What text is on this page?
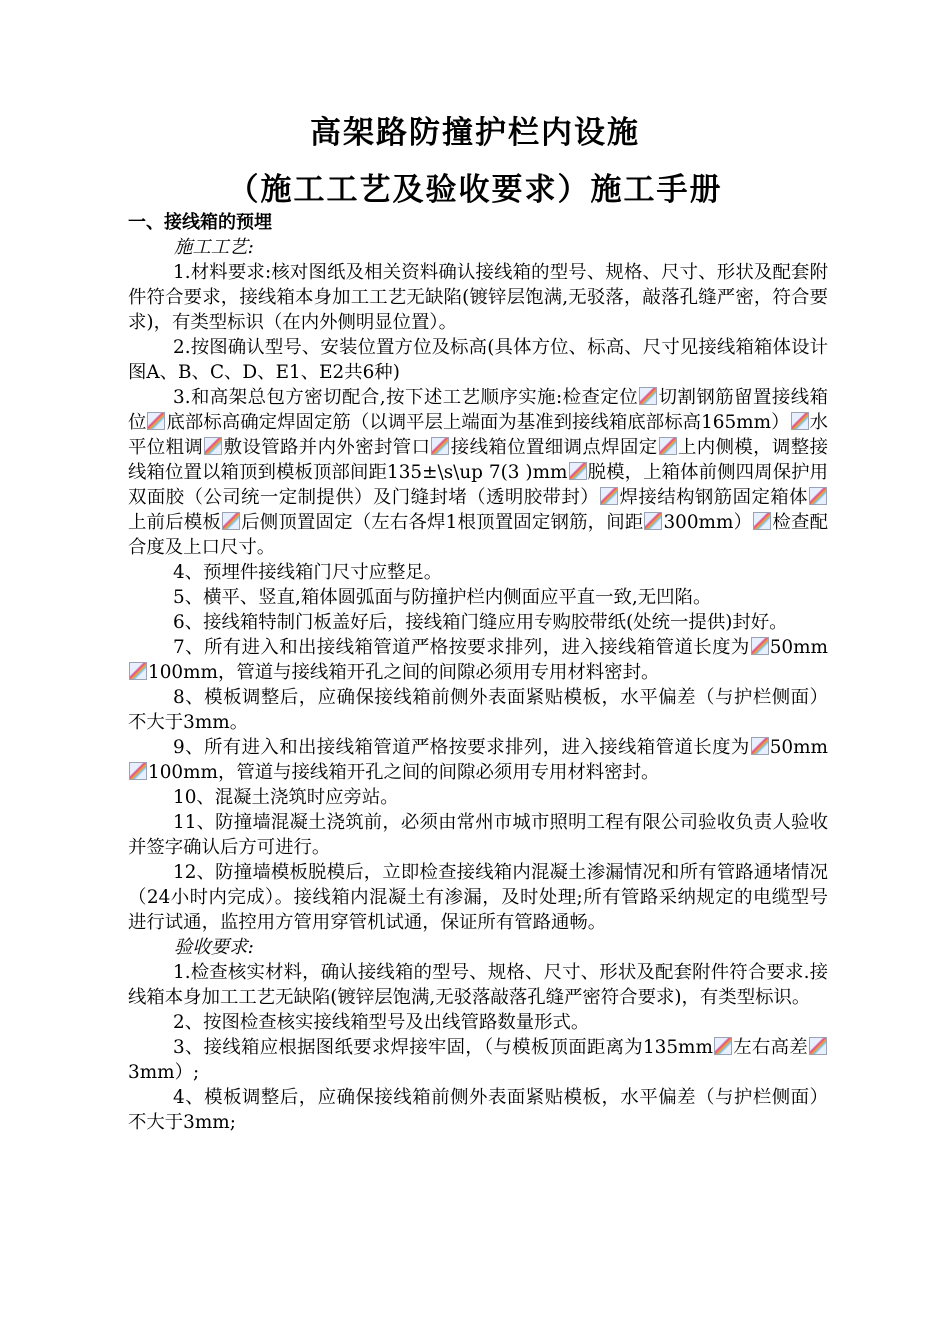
高架路防撞护栏内设施
（施工工艺及验收要求）施工手册
一、接线箱的预埋
施工工艺:
1.材料要求:核对图纸及相关资料确认接线箱的型号、规格、尺寸、形状及配套附件符合要求，接线箱本身加工工艺无缺陷(镀锌层饱满,无驳落，敲落孔缝严密，符合要求)，有类型标识（在内外侧明显位置）。
2.按图确认型号、安装位置方位及标高(具体方位、标高、尺寸见接线箱箱体设计图A、B、C、D、E1、E2共6种)
3.和高架总包方密切配合,按下述工艺顺序实施:检查定位 切割钢筋留置接线箱位 底部标高确定焊固定筋（以调平层上端面为基准到接线箱底部标高165mm） 水平位粗调 敷设管路并内外密封管口 接线箱位置细调点焊固定 上内侧模，调整接线箱位置以箱顶到模板顶部间距135±\s\up 7(3 )mm 脱模，上箱体前侧四周保护用双面胶（公司统一定制提供）及门缝封堵（透明胶带封） 焊接结构钢筋固定箱体上前后模板 后侧顶置固定（左右各焊1根顶置固定钢筋，间距 300mm） 检查配合度及上口尺寸。
4、预埋件接线箱门尺寸应整足。
5、横平、竖直,箱体圆弧面与防撞护栏内侧面应平直一致,无凹陷。
6、接线箱特制门板盖好后，接线箱门缝应用专购胶带纸(处统一提供)封好。
7、所有进入和出接线箱管道严格按要求排列，进入接线箱管道长度为 50mm100mm，管道与接线箱开孔之间的间隙必须用专用材料密封。
8、模板调整后，应确保接线箱前侧外表面紧贴模板，水平偏差（与护栏侧面）不大于3mm。
9、所有进入和出接线箱管道严格按要求排列，进入接线箱管道长度为 50mm100mm，管道与接线箱开孔之间的间隙必须用专用材料密封。
10、混凝土浇筑时应旁站。
11、防撞墙混凝土浇筑前，必须由常州市城市照明工程有限公司验收负责人验收并签字确认后方可进行。
12、防撞墙模板脱模后，立即检查接线箱内混凝土渗漏情况和所有管路通堵情况（24小时内完成）。接线箱内混凝土有渗漏，及时处理;所有管路采纳规定的电缆型号进行试通，监控用方管用穿管机试通，保证所有管路通畅。
验收要求:
1.检查核实材料，确认接线箱的型号、规格、尺寸、形状及配套附件符合要求.接线箱本身加工工艺无缺陷(镀锌层饱满,无驳落敲落孔缝严密符合要求)，有类型标识。
2、按图检查核实接线箱型号及出线管路数量形式。
3、接线箱应根据图纸要求焊接牢固，（与模板顶面距离为135mm 左右高差3mm）;
4、模板调整后，应确保接线箱前侧外表面紧贴模板，水平偏差（与护栏侧面）不大于3mm;
